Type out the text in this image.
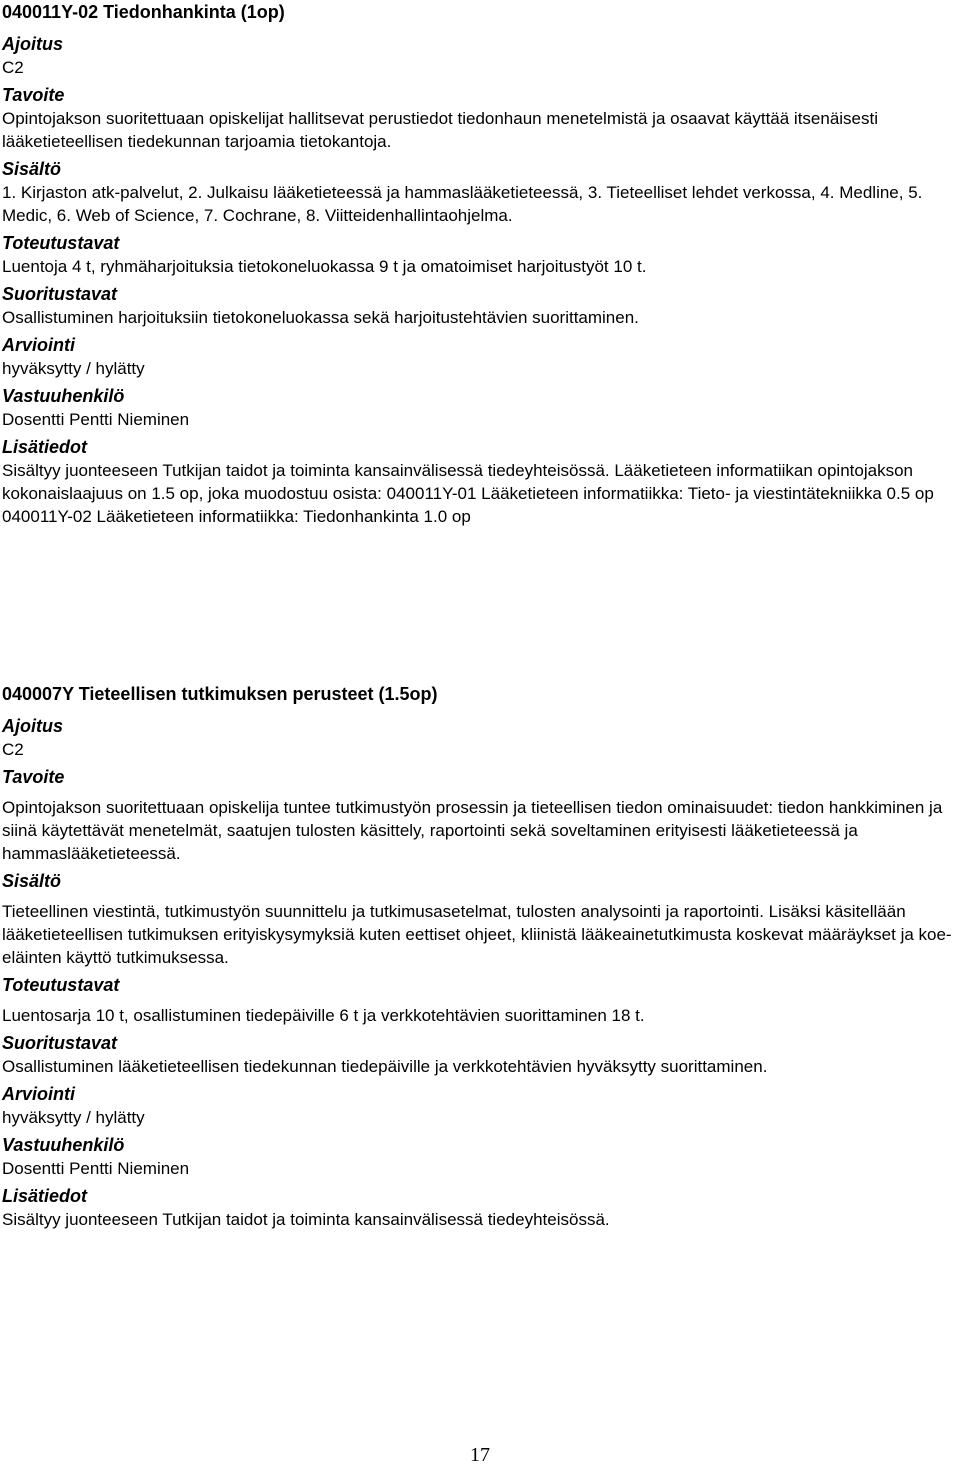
040011Y-02 Tiedonhankinta (1op)
Ajoitus

C2

Tavoite

Opintojakson suoritettuaan opiskelijat hallitsevat perustiedot tiedonhaun menetelmistä ja osaavat käyttää itsenäisesti lääketieteellisen tiedekunnan tarjoamia tietokantoja.

Sisältö

1. Kirjaston atk-palvelut, 2. Julkaisu lääketieteessä ja hammaslääketieteessä, 3. Tieteelliset lehdet verkossa, 4. Medline, 5. Medic, 6. Web of Science, 7. Cochrane, 8. Viitteidenhallintaohjelma.

Toteutustavat

Luentoja 4 t, ryhmäharjoituksia tietokoneluokassa 9 t ja omatoimiset harjoitustyöt 10 t.

Suoritustavat

Osallistuminen harjoituksiin tietokoneluokassa sekä harjoitustehtävien suorittaminen.

Arviointi

hyväksytty / hylätty

Vastuuhenkilö

Dosentti Pentti Nieminen

Lisätiedot

Sisältyy juonteeseen Tutkijan taidot ja toiminta kansainvälisessä tiedeyhteisössä. Lääketieteen informatiikan opintojakson kokonaislaajuus on 1.5 op, joka muodostuu osista: 040011Y-01 Lääketieteen informatiikka: Tieto- ja viestintätekniikka 0.5 op 040011Y-02 Lääketieteen informatiikka: Tiedonhankinta 1.0 op

040007Y Tieteellisen tutkimuksen perusteet (1.5op)
Ajoitus

C2

Tavoite

Opintojakson suoritettuaan opiskelija tuntee tutkimustyön prosessin ja tieteellisen tiedon ominaisuudet: tiedon hankkiminen ja siinä käytettävät menetelmät, saatujen tulosten käsittely, raportointi sekä soveltaminen erityisesti lääketieteessä ja hammaslääketieteessä.

Sisältö

Tieteellinen viestintä, tutkimustyön suunnittelu ja tutkimusasetelmat, tulosten analysointi ja raportointi. Lisäksi käsitellään lääketieteellisen tutkimuksen erityiskysymyksiä kuten eettiset ohjeet, kliinistä lääkeainetutkimusta koskevat määräykset ja koe-eläinten käyttö tutkimuksessa.

Toteutustavat

Luentosarja 10 t, osallistuminen tiedepäiville 6 t ja verkkotehtävien suorittaminen 18 t.

Suoritustavat

Osallistuminen lääketieteellisen tiedekunnan tiedepäiville ja verkkotehtävien hyväksytty suorittaminen.

Arviointi

hyväksytty / hylätty

Vastuuhenkilö

Dosentti Pentti Nieminen

Lisätiedot

Sisältyy juonteeseen Tutkijan taidot ja toiminta kansainvälisessä tiedeyhteisössä.

17
